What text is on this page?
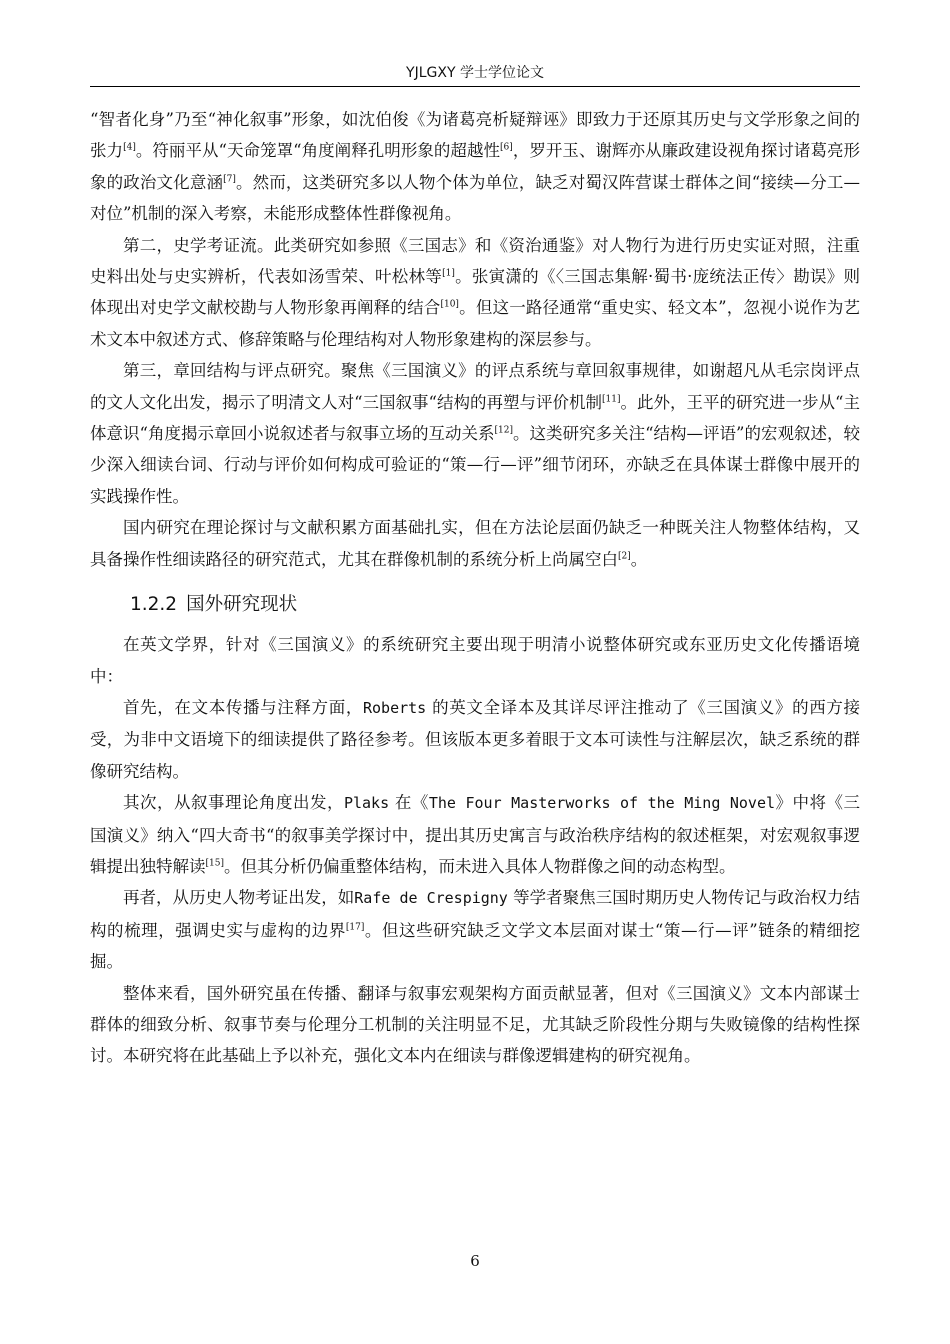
YJLGXY 学士学位论文

“智者化身”乃至“神化叙事”形象，如沈伯俊《为诸葛亮析疑辩诬》即致力于还原其历史与文学形象之间的张力[4]。符丽平从“天命笼罩“角度阐释孔明形象的超越性[6]，罗开玉、谢辉亦从廉政建设视角探讨诸葛亮形象的政治文化意涵[7]。然而，这类研究多以人物个体为单位，缺乏对蜀汉阵营谋士群体之间“接续—分工—对位”机制的深入考察，未能形成整体性群像视角。

第二，史学考证流。此类研究如参照《三国志》和《资治通鉴》对人物行为进行历史实证对照，注重史料出处与史实辨析，代表如汤雪荣、叶松林等[1]。张寅潇的《〈三国志集解·蜀书·庞统法正传〉勘误》则体现出对史学文献校勘与人物形象再阐释的结合[10]。但这一路径通常“重史实、轻文本”，忽视小说作为艺术文本中叙述方式、修辞策略与伦理结构对人物形象建构的深层参与。

第三，章回结构与评点研究。聚焦《三国演义》的评点系统与章回叙事规律，如谢超凡从毛宗岗评点的文人文化出发，揭示了明清文人对“三国叙事“结构的再塑与评价机制[11]。此外，王平的研究进一步从“主体意识“角度揭示章回小说叙述者与叙事立场的互动关系[12]。这类研究多关注“结构—评语”的宏观叙述，较少深入细读台词、行动与评价如何构成可验证的“策—行—评”细节闭环，亦缺乏在具体谋士群像中展开的实践操作性。

国内研究在理论探讨与文献积累方面基础扎实，但在方法论层面仍缺乏一种既关注人物整体结构，又具备操作性细读路径的研究范式，尤其在群像机制的系统分析上尚属空白[2]。

1.2.2 国外研究现状

在英文学界，针对《三国演义》的系统研究主要出现于明清小说整体研究或东亚历史文化传播语境中：

首先，在文本传播与注释方面，Roberts 的英文全译本及其详尽评注推动了《三国演义》的西方接受，为非中文语境下的细读提供了路径参考。但该版本更多着眼于文本可读性与注解层次，缺乏系统的群像研究结构。

其次，从叙事理论角度出发，Plaks 在《The Four Masterworks of the Ming Novel》中将《三国演义》纳入“四大奇书“的叙事美学探讨中，提出其历史寓言与政治秩序结构的叙述框架，对宏观叙事逻辑提出独特解读[15]。但其分析仍偏重整体结构，而未进入具体人物群像之间的动态构型。

再者，从历史人物考证出发，如Rafe de Crespigny 等学者聚焦三国时期历史人物传记与政治权力结构的梳理，强调史实与虚构的边界[17]。但这些研究缺乏文学文本层面对谋士“策—行—评”链条的精细挖掘。

整体来看，国外研究虽在传播、翻译与叙事宏观架构方面贡献显著，但对《三国演义》文本内部谋士群体的细致分析、叙事节奏与伦理分工机制的关注明显不足，尤其缺乏阶段性分期与失败镜像的结构性探讨。本研究将在此基础上予以补充，强化文本内在细读与群像逻辑建构的研究视角。

6
